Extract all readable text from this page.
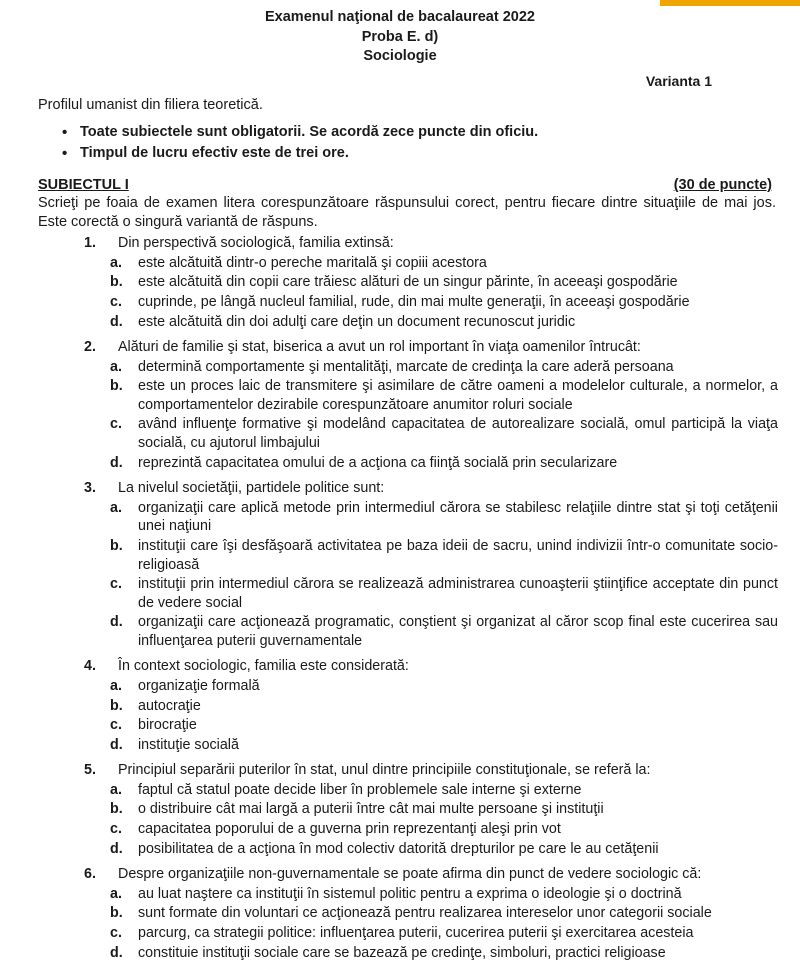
Examenul naţional de bacalaureat 2022
Proba E. d)
Sociologie
Varianta 1
Profilul umanist din filiera teoretică.
• Toate subiectele sunt obligatorii. Se acordă zece puncte din oficiu.
• Timpul de lucru efectiv este de trei ore.
SUBIECTUL I	(30 de puncte)
Scrieţi pe foaia de examen litera corespunzătoare răspunsului corect, pentru fiecare dintre situaţiile de mai jos. Este corectă o singură variantă de răspuns.
1.	Din perspectivă sociologică, familia extinsă:
a.	este alcătuită dintr-o pereche maritală şi copiii acestora
b.	este alcătuită din copii care trăiesc alături de un singur părinte, în aceeaşi gospodărie
c.	cuprinde, pe lângă nucleul familial, rude, din mai multe generaţii, în aceeaşi gospodărie
d.	este alcătuită din doi adulţi care deţin un document recunoscut juridic
2.	Alături de familie şi stat, biserica a avut un rol important în viaţa oamenilor întrucât:
a.	determină comportamente şi mentalităţi, marcate de credinţa la care aderă persoana
b.	este un proces laic de transmitere şi asimilare de către oameni a modelelor culturale, a normelor, a comportamentelor dezirabile corespunzătoare anumitor roluri sociale
c.	având influenţe formative şi modelând capacitatea de autorealizare socială, omul participă la viaţa socială, cu ajutorul limbajului
d.	reprezintă capacitatea omului de a acţiona ca fiinţă socială prin secularizare
3.	La nivelul societăţii, partidele politice sunt:
a.	organizaţii care aplică metode prin intermediul cărora se stabilesc relaţiile dintre stat şi toţi cetăţenii unei naţiuni
b.	instituţii care îşi desfăşoară activitatea pe baza ideii de sacru, unind indivizii într-o comunitate socio-religioasă
c.	instituţii prin intermediul cărora se realizează administrarea cunoaşterii ştiinţifice acceptate din punct de vedere social
d.	organizaţii care acţionează programatic, conştient şi organizat al căror scop final este cucerirea sau influenţarea puterii guvernamentale
4.	În context sociologic, familia este considerată:
a.	organizaţie formală
b.	autocraţie
c.	birocraţie
d.	instituţie socială
5.	Principiul separării puterilor în stat, unul dintre principiile constituţionale, se referă la:
a.	faptul că statul poate decide liber în problemele sale interne şi externe
b.	o distribuire cât mai largă a puterii între cât mai multe persoane şi instituţii
c.	capacitatea poporului de a guverna prin reprezentanţi aleşi prin vot
d.	posibilitatea de a acţiona în mod colectiv datorită drepturilor pe care le au cetăţenii
6.	Despre organizaţiile non-guvernamentale se poate afirma din punct de vedere sociologic că:
a.	au luat naştere ca instituţii în sistemul politic pentru a exprima o ideologie şi o doctrină
b.	sunt formate din voluntari ce acţionează pentru realizarea intereselor unor categorii sociale
c.	parcurg, ca strategii politice: influenţarea puterii, cucerirea puterii şi exercitarea acesteia
d.	constituie instituţii sociale care se bazează pe credinţe, simboluri, practici religioase
